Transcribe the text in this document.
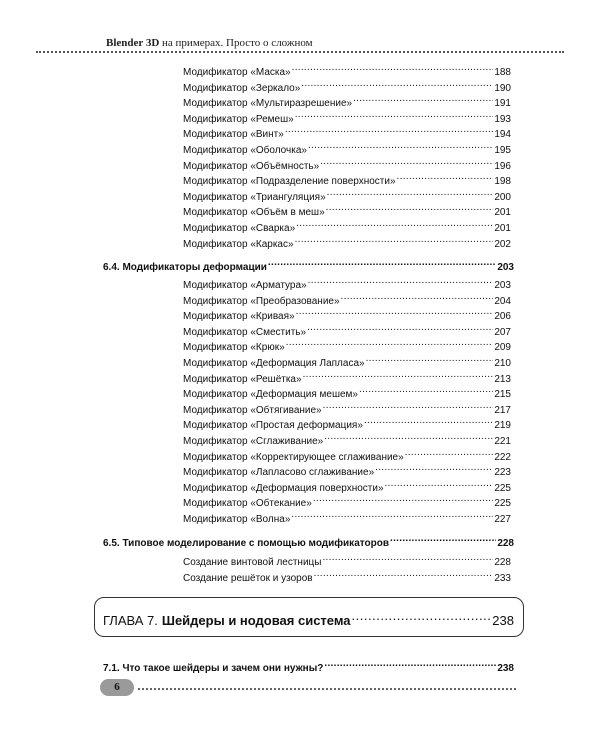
Blender 3D на примерах. Просто о сложном
Модификатор «Маска» .....	188
Модификатор «Зеркало» .....	190
Модификатор «Мультиразрешение» .....	191
Модификатор «Ремеш» .....	193
Модификатор «Винт» .....	194
Модификатор «Оболочка» .....	195
Модификатор «Объёмность» .....	196
Модификатор «Подразделение поверхности» .....	198
Модификатор «Триангуляция» .....	200
Модификатор «Объём в меш» .....	201
Модификатор «Сварка» .....	201
Модификатор «Каркас» .....	202
6.4. Модификаторы деформации .....	203
Модификатор «Арматура» .....	203
Модификатор «Преобразование» .....	204
Модификатор «Кривая» .....	206
Модификатор «Сместить» .....	207
Модификатор «Крюк» .....	209
Модификатор «Деформация Лапласа» .....	210
Модификатор «Решётка» .....	213
Модификатор «Деформация мешем» .....	215
Модификатор «Обтягивание» .....	217
Модификатор «Простая деформация» .....	219
Модификатор «Сглаживание» .....	221
Модификатор «Корректирующее сглаживание» .....	222
Модификатор «Лапласово сглаживание» .....	223
Модификатор «Деформация поверхности» .....	225
Модификатор «Обтекание» .....	225
Модификатор «Волна» .....	227
6.5. Типовое моделирование с помощью модификаторов .....	228
Создание винтовой лестницы .....	228
Создание решёток и узоров .....	233
ГЛАВА 7. Шейдеры и нодовая система .....	238
7.1. Что такое шейдеры и зачем они нужны? .....	238
6
